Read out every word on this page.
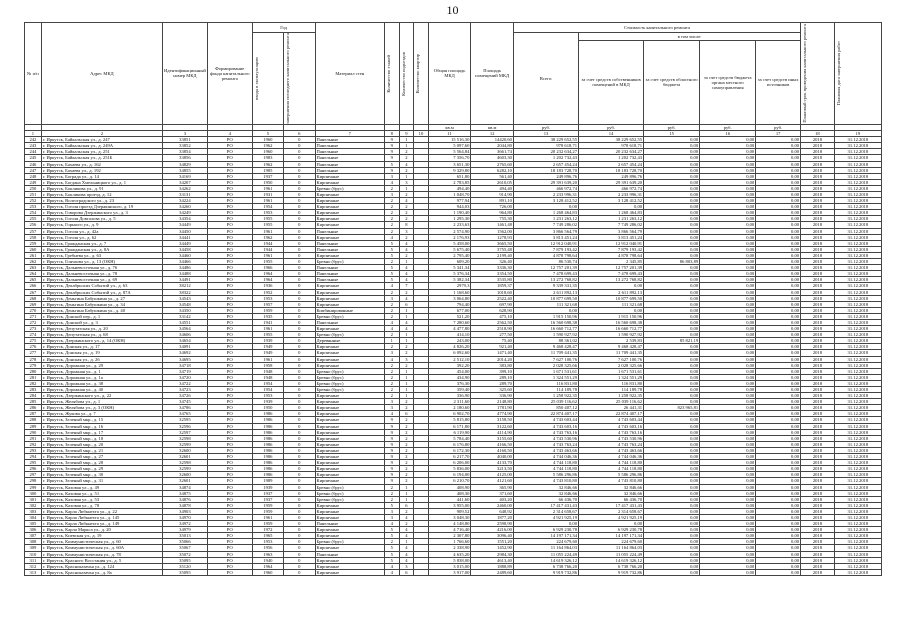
10
№ п/п	Адрес МКД	Идентификационный номер МКД	Формирование фонда капитального ремонта	Год		Материал стен	Количество этажей	Количество подъездов	Количество квартир	Общая площадь МКД	Площадь помещений МКД	Стоимость капитального ремонта					Плановый срок проведения капитального ремонта	Плановая дата завершения работ

				ввода в эксплуатацию	завершения последнего капитального ремонта							Всего:	в том числе:					
													за счет средств собственников помещений в МКД	за счет средств областного бюджета	за счет средств бюджета органа местного самоуправления	за счет средств иных источников		

										кв.м	кв.м	руб.	руб.	руб.	руб.	руб.		
1	2	3	4	5	6	7	8	9	10	11	12	13	14	15	16	17	18	19
242	г. Иркутск, Байкальская ул., д. 247	33851	РО	1960	0	Панельные	9	1		15 516,30	14420,60	38 229 652,55	38 229 652,55	0,00	0,00	0,00	2018	31.12.2018
243	г. Иркутск, Байкальская ул., д. 249А	33852	РО	1962	0	Панельные	9	1		5 097,60	2044,80	978 618,71	978 618,71	0,00	0,00	0,00	2018	31.12.2018
244	г. Иркутск, Байкальская ул., д. 251	33854	РО	1960	0	Панельные	9	2		5 564,84	3661,74	20 232 634,27	20 232 634,27	0,00	0,00	0,00	2018	31.12.2018
245	г. Иркутск, Байкальская ул., д. 251Б	33856	РО	1983	0	Панельные	9	2		7 356,70	4603,30	1 202 732,43	1 202 732,43	0,00	0,00	0,00	2018	31.12.2018
246	г. Иркутск, Бахаева ул., д. 162	34829	РО	1962	0	Панельные	5	4		3 651,30	2765,60	2 657 454,24	2 657 454,24	0,00	0,00	0,00	2018	31.12.2018
247	г. Иркутск, Бахаева ул., д. 192	34855	РО	1985	0	Панельные	9	2		9 329,80	6282,10	18 183 728,70	18 183 728,70	0,00	0,00	0,00	2018	31.12.2018
248	г. Иркутск, Бограда ул., д. 14	34169	РО	1937	0	Кирпичные	3	1		651,80	561,40	249 896,76	249 896,76	0,00	0,00	0,00	2018	31.12.2018
249	г. Иркутск, Богдана Хмельницкого ул., д. 1	34207	РО	1950	0	Кирпичные	4	3		2 783,85	2610,05	29 391 639,20	29 391 639,20	0,00	0,00	0,00	2018	31.12.2018
250	г. Иркутск, Бокликова ул., д. 91	34262	РО	1961	0	Бревно (брус)	2	1		494,40	494,40	466 972,74	466 972,74	0,00	0,00	0,00	2018	31.12.2018
251	г. Иркутск, Бокликова проезд, д. 12	33131	РО	1931	0	Кирпичные	3	2		1 048,70	914,90	2 233 996,31	2 233 996,31	0,00	0,00	0,00	2018	31.12.2018
252	г. Иркутск, Волгоградского ул., д. 23	34224	РО	1961	0	Кирпичные	2	4		977,94	891,10	3 128 412,52	3 128 412,52	0,00	0,00	0,00	2018	31.12.2018
253	г. Иркутск, Гоголя проезд Дзержинского, д. 19	34260	РО	1954	0	Кирпичные	2	2		944,03	726,00	0,00	0,00	0,00	0,00	0,00	2018	31.12.2018
254	г. Иркутск, Говорова Дзержинского ул., д. 3	34249	РО	1953	0	Кирпичные	2	2		1 190,40	964,80	1 268 464,83	1 268 464,83	0,00	0,00	0,00	2018	31.12.2018
255	г. Иркутск, Гоголя Довгалова ул., д. 5	34354	РО	1955	0	Кирпичные	2	2		1 295,30	755,30	1 231 263,12	1 231 263,12	0,00	0,00	0,00	2018	31.12.2018
256	г. Иркутск, Горького ул., д. 9	34449	РО	1955	0	Кирпичные	2	8		2 233,63	1461,48	7 749 286,02	7 749 286,02	0,00	0,00	0,00	2018	31.12.2018
257	г. Иркутск, Гоголя ул., д. 42а	34450	РО	1961	0	Панельные	2	3		2 574,90	1562,00	3 866 564,79	3 866 564,79	0,00	0,00	0,00	2018	31.12.2018
258	г. Иркутск, Гоголя ул., д. 62	34441	РО	1962	0	Кирпичные	4	2		2 176,93	1278,93	3 813 451,24	3 813 451,24	0,00	0,00	0,00	2018	31.12.2018
259	г. Иркутск, Гражданская ул., д. 7	34449	РО	1944	0	Панельные	5	4		5 458,00	3665,50	12 912 040,91	12 912 040,91	0,00	0,00	0,00	2018	31.12.2018
260	г. Иркутск, Гражданская ул., д. 8А	34458	РО	1944	0	Панельные	5	4		5 675,40	3755,48	7 879 193,42	7 879 193,42	0,00	0,00	0,00	2018	31.12.2018
261	г. Иркутск, Гребнева ул., д. 63	34460	РО	1961	0	Кирпичные	5	2		2 795,40	2199,40	4 878 798,64	4 878 798,64	0,00	0,00	0,00	2018	31.12.2018
262	г. Иркутск, Гончаова ул., д. 13 (ОКН)	34466	РО	1955	0	Бревно (брус)	2	1		609,20	326,40	86 530,74	2 345,85	86 803,89	0,00	0,00	2018	31.12.2018
263	г. Иркутск, Дальневосточная ул., д. 76	34486	РО	1966	0	Панельные	5	4		5 341,34	3336,30	12 757 201,39	12 757 201,39	0,00	0,00	0,00	2018	31.12.2018
264	г. Иркутск, Дальневосточная ул., д. 78	34488	РО	1964	0	Панельные	5	4		5 376,34	3354,50	7 478 699,43	7 478 699,43	0,00	0,00	0,00	2018	31.12.2018
265	г. Иркутск, Дальневосточная ул., д. 69	34491	РО	1964	0	Панельные	5	4		5 382,34	3535,80	13 272 768,82	13 272 768,82	0,00	0,00	0,00	2018	31.12.2018
266	г. Иркутск, Декабрьских Событий ул., д. 63	38212	РО	1936	0	Кирпичные	4	7		2979,3	1859,37	9 339 331,35	0,00	0,00	0,00	0,00	2018	31.12.2018
267	г. Иркутск, Декабрьских Событий ул., д. 87А	38322	РО	1952	0	Кирпичные	2	2		1 168,60	1018,60	2 611 892,13	2 611 892,13	0,00	0,00	0,00	2018	31.12.2018
268	г. Иркутск, Деньгина Бабушкина ул., д. 27	34543	РО	1953	0	Кирпичные	3	4		3 064,80	2522,40	10 877 699,50	10 877 699,50	0,00	0,00	0,00	2018	31.12.2018
269	г. Иркутск, Деньгина Бабушкина ул., д. 34	34548	РО	1957	0	Кирпичные	2	6		794,40	697,90	111 321,68	111 321,68	0,00	0,00	0,00	2018	31.12.2018
270	г. Иркутск, Деньгина Бабушкина ул., д. 40	34350	РО	1959	0	Комбинированные	2	1		677,00	628,90	0,00	0,00	0,00	0,00	0,00	2018	31.12.2018
271	г. Иркутск, Донской пер., д. 1	33142	РО	1935	0	Бревно (брус)	2	1		521,20	475,10	1 915 150,96	1 915 150,96	0,00	0,00	0,00	2018	31.12.2018
272	г. Иркутск, Донской ул., д. 3	34551	РО	1941	0	Панельные	4	4		7 280,60	2562,50	16 560 698,38	16 560 698,38	0,00	0,00	0,00	2018	31.12.2018
273	г. Иркутск, Депутатская ул., д. 20	34564	РО	1961	0	Кирпичные	4	4		4 477,80	2518,90	16 660 712,77	16 660 712,77	0,00	0,00	0,00	2018	31.12.2018
274	г. Иркутск, Депутатская ул., д. 68	34606	РО	1955	0	Бревно (брус)	2	1		414,10	277,50	1 590 927,92	1 590 927,92	0,00	0,00	0,00	2018	31.12.2018
275	г. Иркутск, Дзержинского ул., д. 14 (ОКН)	34654	РО	1939	0	Деревянные	1	1		243,00	75,40	88 361,02	2 539,83	85 821,19	0,00	0,00	2018	31.12.2018
276	г. Иркутск, Донская ул., д. 17	34091	РО	1949	0	Кирпичные	2	2		4 826,20	921,40	9 468 428,47	9 468 428,47	0,00	0,00	0,00	2018	31.12.2018
277	г. Иркутск, Донская ул., д. 19	34692	РО	1949	0	Кирпичные	3	2		6 092,60	1471,40	11 709 441,35	11 709 441,35	0,00	0,00	0,00	2018	31.12.2018
278	г. Иркутск, Донская ул., д. 26	34695	РО	1961	0	Кирпичные	4	3		2 512,10	2014,20	7 627 100,76	7 627 100,76	0,00	0,00	0,00	2018	31.12.2018
279	г. Иркутск, Дорожная ул., д. 29	34718	РО	1958	0	Кирпичные	2	2		392,20	383,80	2 028 325,66	2 028 325,66	0,00	0,00	0,00	2018	31.12.2018
280	г. Иркутск, Дорожная ул., д. 1	34719	РО	1948	0	Бревно (брус)	2	1		454,00	399,10	1 671 531,61	1 671 531,61	0,00	0,00	0,00	2018	31.12.2018
281	г. Иркутск, Дорожная ул., д. 1а	34720	РО	1948	0	Бревно (брус)	2	1		434,90	289,10	1 324 551,29	1 324 551,29	0,00	0,00	0,00	2018	31.12.2018
282	г. Иркутск, Дорожная ул., д. 38	34722	РО	1954	0	Бревно (брус)	2	1		376,30	289,70	116 831,80	116 831,80	0,00	0,00	0,00	2018	31.12.2018
283	г. Иркутск, Дорожная ул., д. 40	34723	РО	1954	0	Бревно (брус)	2	1		359,40	325,60	114 189,78	114 189,78	0,00	0,00	0,00	2018	31.12.2018
284	г. Иркутск, Дзержинского ул., д. 22	34726	РО	1953	0	Кирпичные	2	1		336,90	336,90	1 258 922,35	1 258 922,35	0,00	0,00	0,00	2018	31.12.2018
285	г. Иркутск, Желябова ул., д. 1	34745	РО	1939	0	Кирпичные	3	2		2 311,60	2148,80	25 039 116,62	25 039 116,62	0,00	0,00	0,00	2018	31.12.2018
286	г. Иркутск, Желябова ул., д. 3 (ОКН)	34786	РО	1950	0	Кирпичные	3	2		2 180,60	1781,90	850 407,12	26 441,31	823 965,81	0,00	0,00	2018	31.12.2018
287	г. Иркутск, Жукова ул., д. 7	34765	РО	1986	0	Кирпичные	4	6		6 902,70	4774,90	22 874 407,17	22 874 407,17	0,00	0,00	0,00	2018	31.12.2018
288	г. Иркутск, Зеленый мкр., д. 15	32595	РО	1986	0	Кирпичные	9	2		5 815,80	3158,50	4 743 603,44	4 743 603,44	0,00	0,00	0,00	2018	31.12.2018
289	г. Иркутск, Зеленый мкр., д. 16	32596	РО	1986	0	Кирпичные	9	2		6 171,80	3122,60	4 743 603,16	4 743 603,16	0,00	0,00	0,00	2018	31.12.2018
290	г. Иркутск, Зеленый мкр., д. 17	32597	РО	1986	0	Кирпичные	9	2		6 119,90	4114,90	4 743 763,16	4 743 763,16	0,00	0,00	0,00	2018	31.12.2018
291	г. Иркутск, Зеленый мкр., д. 18	32598	РО	1986	0	Кирпичные	9	2		5 784,40	3155,60	4 743 530,96	4 743 530,96	0,00	0,00	0,00	2018	31.12.2018
292	г. Иркутск, Зеленый мкр., д. 20	32599	РО	1986	0	Кирпичные	9	2		6 176,80	4166,50	4 743 763,24	4 743 763,24	0,00	0,00	0,00	2018	31.12.2018
293	г. Иркутск, Зеленый мкр., д. 21	32600	РО	1986	0	Кирпичные	9	2		6 172,30	4160,50	4 743 463,66	4 743 463,66	0,00	0,00	0,00	2018	31.12.2018
294	г. Иркутск, Зеленый мкр., д. 27	32601	РО	1986	0	Кирпичные	9	2		6 217,70	4040,00	4 744 046,36	4 744 046,36	0,00	0,00	0,00	2018	31.12.2018
295	г. Иркутск, Зеленый мкр., д. 28	32598	РО	1986	0	Кирпичные	9	2		6 206,00	4133,70	4 744 118,80	4 744 118,80	0,00	0,00	0,00	2018	31.12.2018
296	г. Иркутск, Зеленый мкр., д. 29	32599	РО	1986	0	Кирпичные	9	2		5 836,00	3213,50	4 744 118,80	4 744 118,80	0,00	0,00	0,00	2018	31.12.2018
297	г. Иркутск, Зеленый мкр., д. 30	32600	РО	1986	0	Кирпичные	9	2		6 194,00	4125,00	5 586 296,86	5 586 296,86	0,00	0,00	0,00	2018	31.12.2018
298	г. Иркутск, Зеленый мкр., д. 31	32601	РО	1989	0	Кирпичные	9	2		6 210,70	4121,60	4 743 810,80	4 743 810,80	0,00	0,00	0,00	2018	31.12.2018
299	г. Иркутск, Каховая ул., д. 49	34874	РО	1939	0	Бревно (брус)	2	1		408,90	365,90	32 846,66	32 846,66	0,00	0,00	0,00	2018	31.12.2018
300	г. Иркутск, Каховая ул., д. 51	34875	РО	1937	0	Бревно (брус)	2	1		408,30	371,60	32 846,66	32 846,66	0,00	0,00	0,00	2018	31.12.2018
301	г. Иркутск, Каховая ул., д. 53	34876	РО	1937	0	Бревно (брус)	2	1		441,60	403,20	66 436,70	66 436,70	0,00	0,00	0,00	2018	31.12.2018
302	г. Иркутск, Каховая ул., д. 78	34878	РО	1959	0	Кирпичные	5	6		3 955,00	2460,00	17 417 431,43	17 417 431,43	0,00	0,00	0,00	2018	31.12.2018
303	г. Иркутск, Карла Либкнехта ул., д. 22	34903	РО	1959	0	Кирпичные	3	2		909,52	648,92	2 314 658,67	2 314 658,67	0,00	0,00	0,00	2018	31.12.2018
304	г. Иркутск, Карла Либкнехта ул., д. 145	34970	РО	1961	0	Кирпичные	3	4		3 048,30	1877,20	4 921 925,19	4 921 925,19	0,00	0,00	0,00	2018	31.12.2018
305	г. Иркутск, Карла Либкнехта ул., д. 149	34972	РО	1959	0	Панельные	4	2		4 148,80	2598,90	0,00	0,00	0,00	0,00	0,00	2018	31.12.2018
306	г. Иркутск, Карла Маркса ул., д. 20	34979	РО	1972	0	Кирпичные	5	4		4 716,40	4216,00	6 929 230,78	6 929 230,78	0,00	0,00	0,00	2018	31.12.2018
307	г. Иркутск, Киевская ул., д. 19	35013	РО	1965	0	Кирпичные	5	4		2 307,80	3096,40	14 197 171,34	14 197 171,34	0,00	0,00	0,00	2018	31.12.2018
308	г. Иркутск, Коммунистическая ул., д. 60	35066	РО	1953	0	Бревно (брус)	2	1		1 766,60	1551,20	224 679,60	224 679,60	0,00	0,00	0,00	2018	31.12.2018
309	г. Иркутск, Коммунистическая ул., д. 60А	35067	РО	1956	0	Кирпичные	5	4		2 338,90	1452,90	11 164 864,03	11 164 864,03	0,00	0,00	0,00	2018	31.12.2018
310	г. Иркутск, Коммунистическая ул., д. 78	35072	РО	1963	0	Панельные	5	4		4 635,20	2984,30	11 055 224,49	11 055 224,49	0,00	0,00	0,00	2018	31.12.2018
311	г. Иркутск, Красного Восстания ул., д. 5	35095	РО	1940	0	Кирпичные	5	4		5 838,00	4613,40	14 619 326,12	14 619 326,12	0,00	0,00	0,00	2018	31.12.2018
312	г. Иркутск, Красноказачья ул., д. 124	35120	РО	1964	0	Кирпичные	4	3		3 015,00	1888,89	6 738 766,20	6 738 766,20	0,00	0,00	0,00	2018	31.12.2018
313	г. Иркутск, Красноказачья ул., д. 8а	35095	РО	1960	0	Кирпичные	4	6		3 917,00	2489,60	9 919 732,86	9 919 732,86	0,00	0,00	0,00	2018	31.12.2018
